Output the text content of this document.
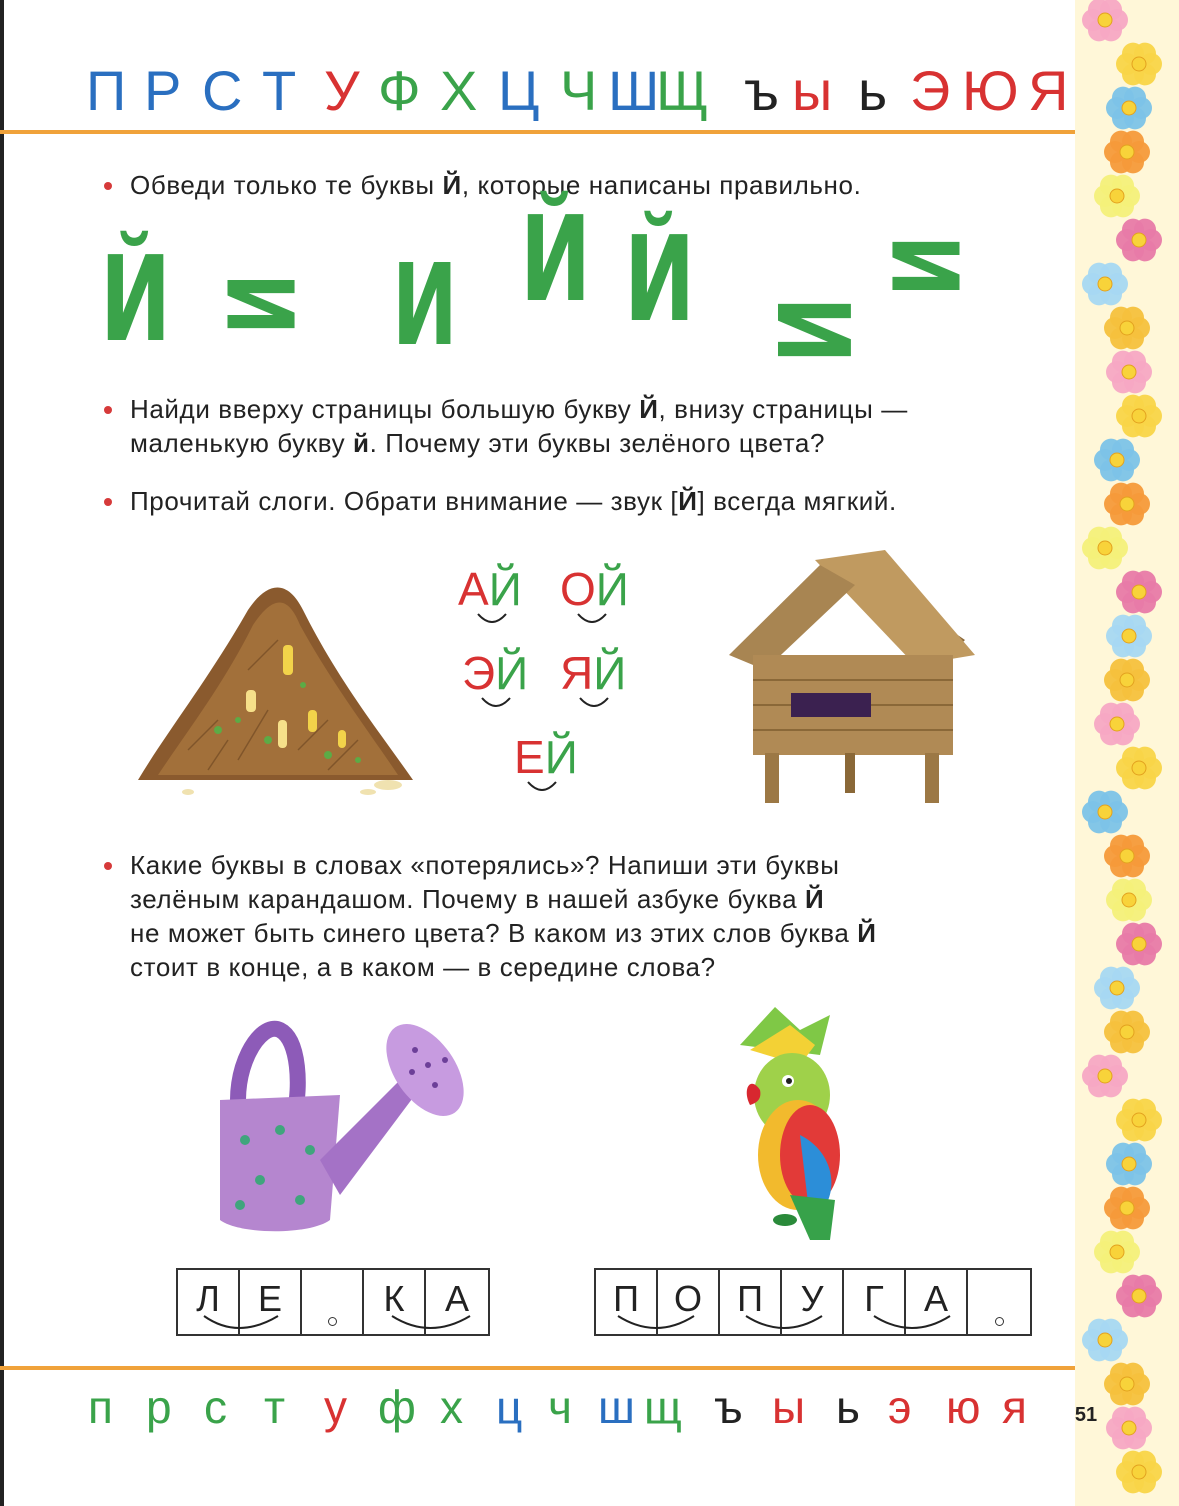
П Р С Т У Ф Х Ц Ч Ш
Щ ъ ы ь Э Ю Я
Обведи только те буквы Й, которые написаны правильно.
Й И И Й Й И
И
Найди вверху страницы большую букву Й, внизу страницы —
маленькую букву й. Почему эти буквы зелёного цвета?
Прочитай слоги. Обрати внимание — звук [Й] всегда мягкий.
АЙ ОЙ
ЭЙ ЯЙ
ЕЙ
Какие буквы в словах «потерялись»? Напиши эти буквы
зелёным карандашом. Почему в нашей азбуке буква Й
не может быть синего цвета? В каком из этих слов буква Й
стоит в конце, а в каком — в середине слова?
Л Е	К А	П О П У Г А
п р с т у ф х ц ч ш щ ъ ы ь э ю я	51
